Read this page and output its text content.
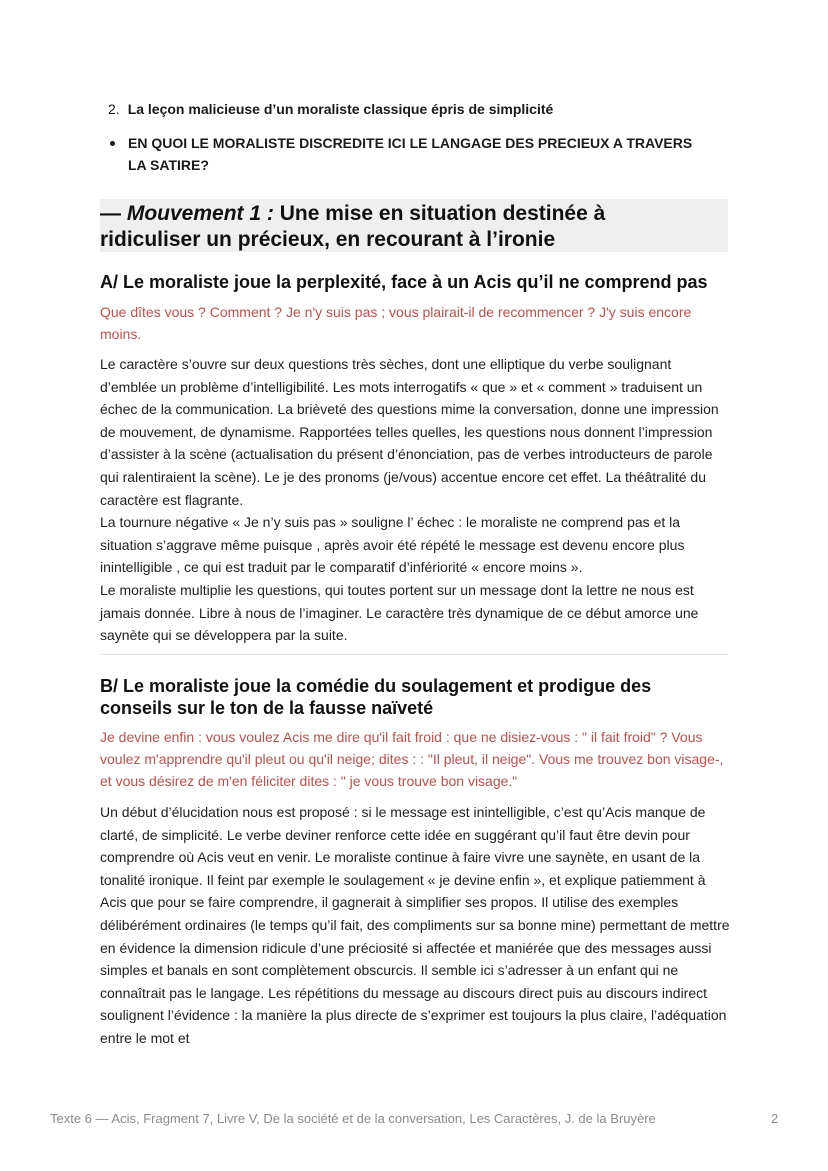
2. La leçon malicieuse d’un moraliste classique épris de simplicité
EN QUOI LE MORALISTE DISCREDITE ICI LE LANGAGE DES PRECIEUX A TRAVERS LA SATIRE?
— Mouvement 1 : Une mise en situation destinée à ridiculiser un précieux, en recourant à l’ironie
A/ Le moraliste joue la perplexité, face à un Acis qu’il ne comprend pas
Que dîtes vous ? Comment ? Je n'y suis pas ; vous plairait-il de recommencer ? J'y suis encore moins.

Le caractère s’ouvre sur deux questions très sèches, dont une elliptique du verbe soulignant d’emblée un problème d’intelligibilité. Les mots interrogatifs « que » et « comment » traduisent un échec de la communication. La brièveté des questions mime la conversation, donne une impression de mouvement, de dynamisme. Rapportées telles quelles, les questions nous donnent l’impression d’assister à la scène (actualisation du présent d’énonciation, pas de verbes introducteurs de parole qui ralentiraient la scène). Le je des pronoms (je/vous) accentue encore cet effet. La théâtralité du caractère est flagrante.

La tournure négative « Je n’y suis pas » souligne l’ échec : le moraliste ne comprend pas et la situation s’aggrave même puisque , après avoir été répété le message est devenu encore plus inintelligible , ce qui est traduit par le comparatif d’infériorité « encore moins ».

Le moraliste multiplie les questions, qui toutes portent sur un message dont la lettre ne nous est jamais donnée. Libre à nous de l’imaginer. Le caractère très dynamique de ce début amorce une saynète qui se développera par la suite.

B/ Le moraliste joue la comédie du soulagement et prodigue des conseils sur le ton de la fausse naïveté
Je devine enfin : vous voulez Acis me dire qu'il fait froid : que ne disiez-vous : " il fait froid" ? Vous voulez m'apprendre qu'il pleut ou qu'il neige; dites : : "Il pleut, il neige". Vous me trouvez bon visage-, et vous désirez de m'en féliciter dites : " je vous trouve bon visage."

Un début d’élucidation nous est proposé : si le message est inintelligible, c’est qu’Acis manque de clarté, de simplicité. Le verbe deviner renforce cette idée en suggérant qu’il faut être devin pour comprendre où Acis veut en venir. Le moraliste continue à faire vivre une saynète, en usant de la tonalité ironique. Il feint par exemple le soulagement « je devine enfin », et explique patiemment à Acis que pour se faire comprendre, il gagnerait à simplifier ses propos. Il utilise des exemples délibérément ordinaires (le temps qu’il fait, des compliments sur sa bonne mine) permettant de mettre en évidence la dimension ridicule d’une préciosité si affectée et maniérée que des messages aussi simples et banals en sont complètement obscurcis. Il semble ici s’adresser à un enfant qui ne connaîtrait pas le langage. Les répétitions du message au discours direct puis au discours indirect soulignent l’évidence : la manière la plus directe de s’exprimer est toujours la plus claire, l’adéquation entre le mot et

Texte 6 — Acis, Fragment 7, Livre V, De la société et de la conversation, Les Caractères, J. de la Bruyère	2
